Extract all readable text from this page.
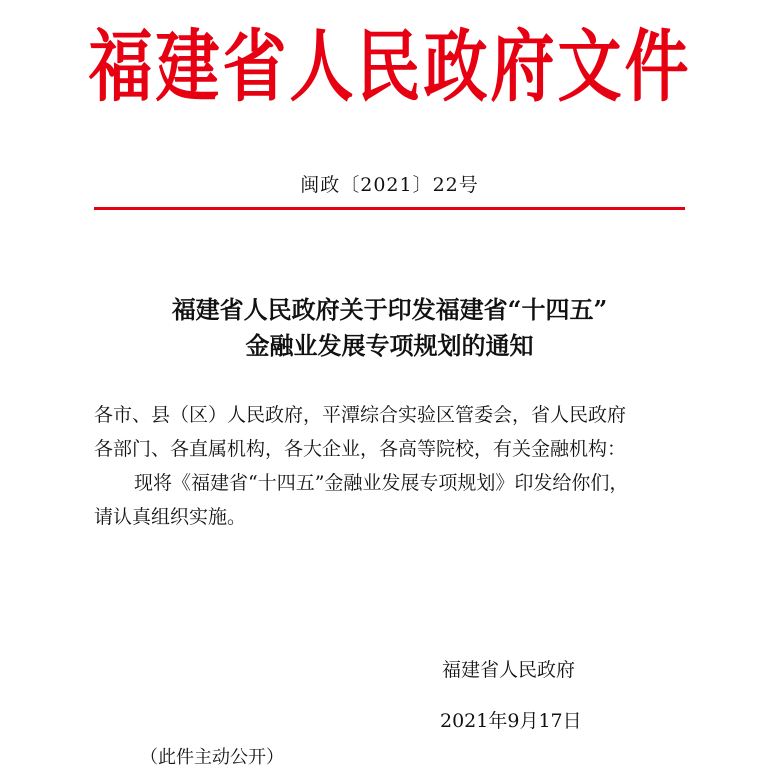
福建省人民政府文件
闽政〔2021〕22号
福建省人民政府关于印发福建省“十四五”
金融业发展专项规划的通知

各市、县（区）人民政府，平潭综合实验区管委会，省人民政府

各部门、各直属机构，各大企业，各高等院校，有关金融机构：

现将《福建省“十四五”金融业发展专项规划》印发给你们，

请认真组织实施。

福建省人民政府
2021年9月17日
（此件主动公开）
